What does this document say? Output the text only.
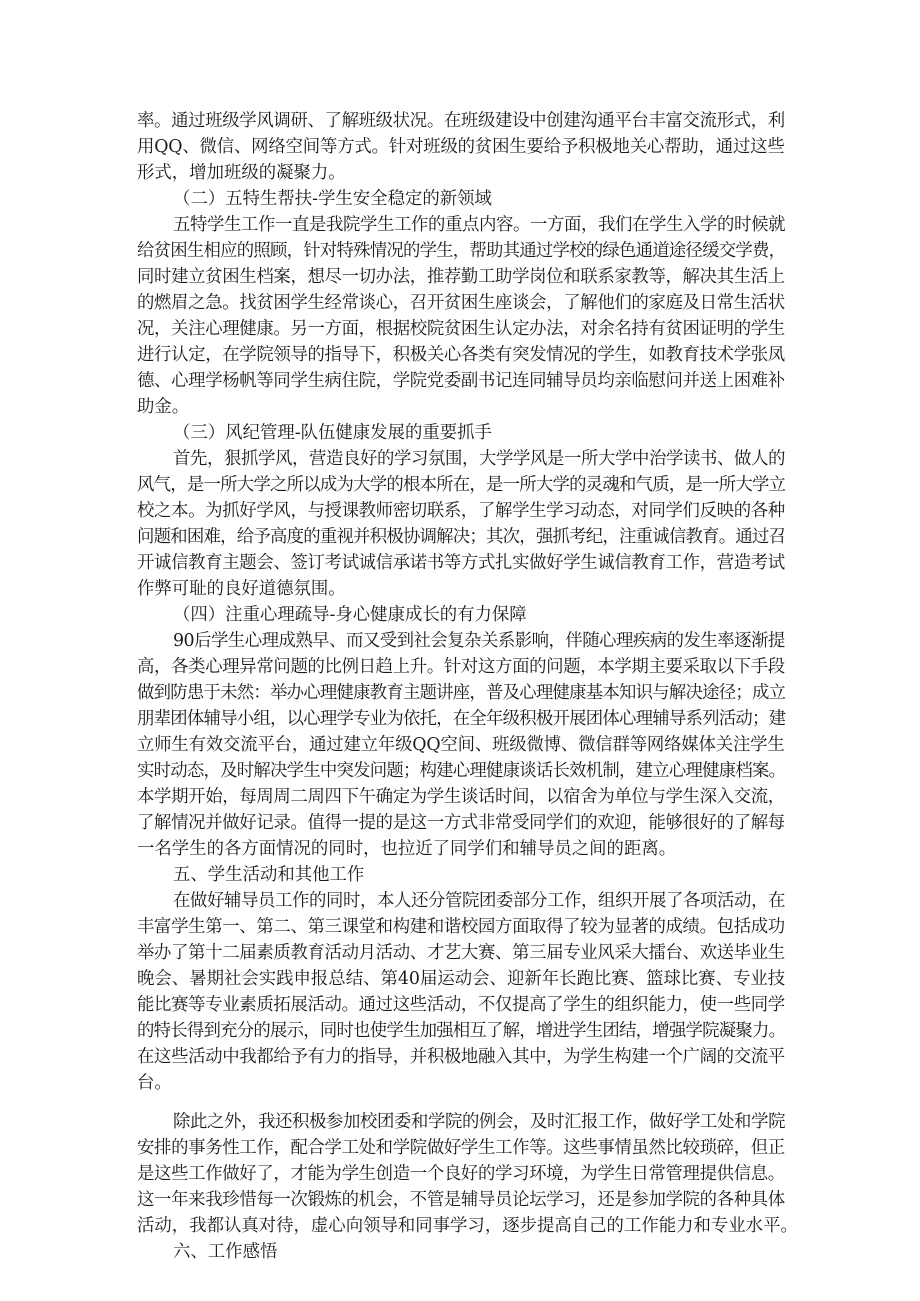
率。通过班级学风调研、了解班级状况。在班级建设中创建沟通平台丰富交流形式，利
用QQ、微信、网络空间等方式。针对班级的贫困生要给予积极地关心帮助，通过这些
形式，增加班级的凝聚力。
（二）五特生帮扶-学生安全稳定的新领域
五特学生工作一直是我院学生工作的重点内容。一方面，我们在学生入学的时候就
给贫困生相应的照顾，针对特殊情况的学生，帮助其通过学校的绿色通道途径缓交学费，
同时建立贫困生档案，想尽一切办法，推荐勤工助学岗位和联系家教等，解决其生活上
的燃眉之急。找贫困学生经常谈心，召开贫困生座谈会，了解他们的家庭及日常生活状
况，关注心理健康。另一方面，根据校院贫困生认定办法，对余名持有贫困证明的学生
进行认定，在学院领导的指导下，积极关心各类有突发情况的学生，如教育技术学张凤
德、心理学杨帆等同学生病住院，学院党委副书记连同辅导员均亲临慰问并送上困难补
助金。
（三）风纪管理-队伍健康发展的重要抓手
首先，狠抓学风，营造良好的学习氛围，大学学风是一所大学中治学读书、做人的
风气，是一所大学之所以成为大学的根本所在，是一所大学的灵魂和气质，是一所大学立
校之本。为抓好学风，与授课教师密切联系，了解学生学习动态，对同学们反映的各种
问题和困难，给予高度的重视并积极协调解决；其次，强抓考纪，注重诚信教育。通过召
开诚信教育主题会、签订考试诚信承诺书等方式扎实做好学生诚信教育工作，营造考试
作弊可耻的良好道德氛围。
（四）注重心理疏导-身心健康成长的有力保障
90后学生心理成熟早、而又受到社会复杂关系影响，伴随心理疾病的发生率逐渐提
高，各类心理异常问题的比例日趋上升。针对这方面的问题，本学期主要采取以下手段
做到防患于未然：举办心理健康教育主题讲座，普及心理健康基本知识与解决途径；成立
朋辈团体辅导小组，以心理学专业为依托，在全年级积极开展团体心理辅导系列活动；建
立师生有效交流平台，通过建立年级QQ空间、班级微博、微信群等网络媒体关注学生
实时动态，及时解决学生中突发问题；构建心理健康谈话长效机制，建立心理健康档案。
本学期开始，每周周二周四下午确定为学生谈话时间，以宿舍为单位与学生深入交流，
了解情况并做好记录。值得一提的是这一方式非常受同学们的欢迎，能够很好的了解每
一名学生的各方面情况的同时，也拉近了同学们和辅导员之间的距离。
五、学生活动和其他工作
在做好辅导员工作的同时，本人还分管院团委部分工作，组织开展了各项活动，在
丰富学生第一、第二、第三课堂和构建和谐校园方面取得了较为显著的成绩。包括成功
举办了第十二届素质教育活动月活动、才艺大赛、第三届专业风采大擂台、欢送毕业生
晚会、暑期社会实践申报总结、第40届运动会、迎新年长跑比赛、篮球比赛、专业技
能比赛等专业素质拓展活动。通过这些活动，不仅提高了学生的组织能力，使一些同学
的特长得到充分的展示，同时也使学生加强相互了解，增进学生团结，增强学院凝聚力。
在这些活动中我都给予有力的指导，并积极地融入其中，为学生构建一个广阔的交流平
台。
除此之外，我还积极参加校团委和学院的例会，及时汇报工作，做好学工处和学院
安排的事务性工作，配合学工处和学院做好学生工作等。这些事情虽然比较琐碎，但正
是这些工作做好了，才能为学生创造一个良好的学习环境，为学生日常管理提供信息。
这一年来我珍惜每一次锻炼的机会，不管是辅导员论坛学习，还是参加学院的各种具体
活动，我都认真对待，虚心向领导和同事学习，逐步提高自己的工作能力和专业水平。
六、工作感悟
